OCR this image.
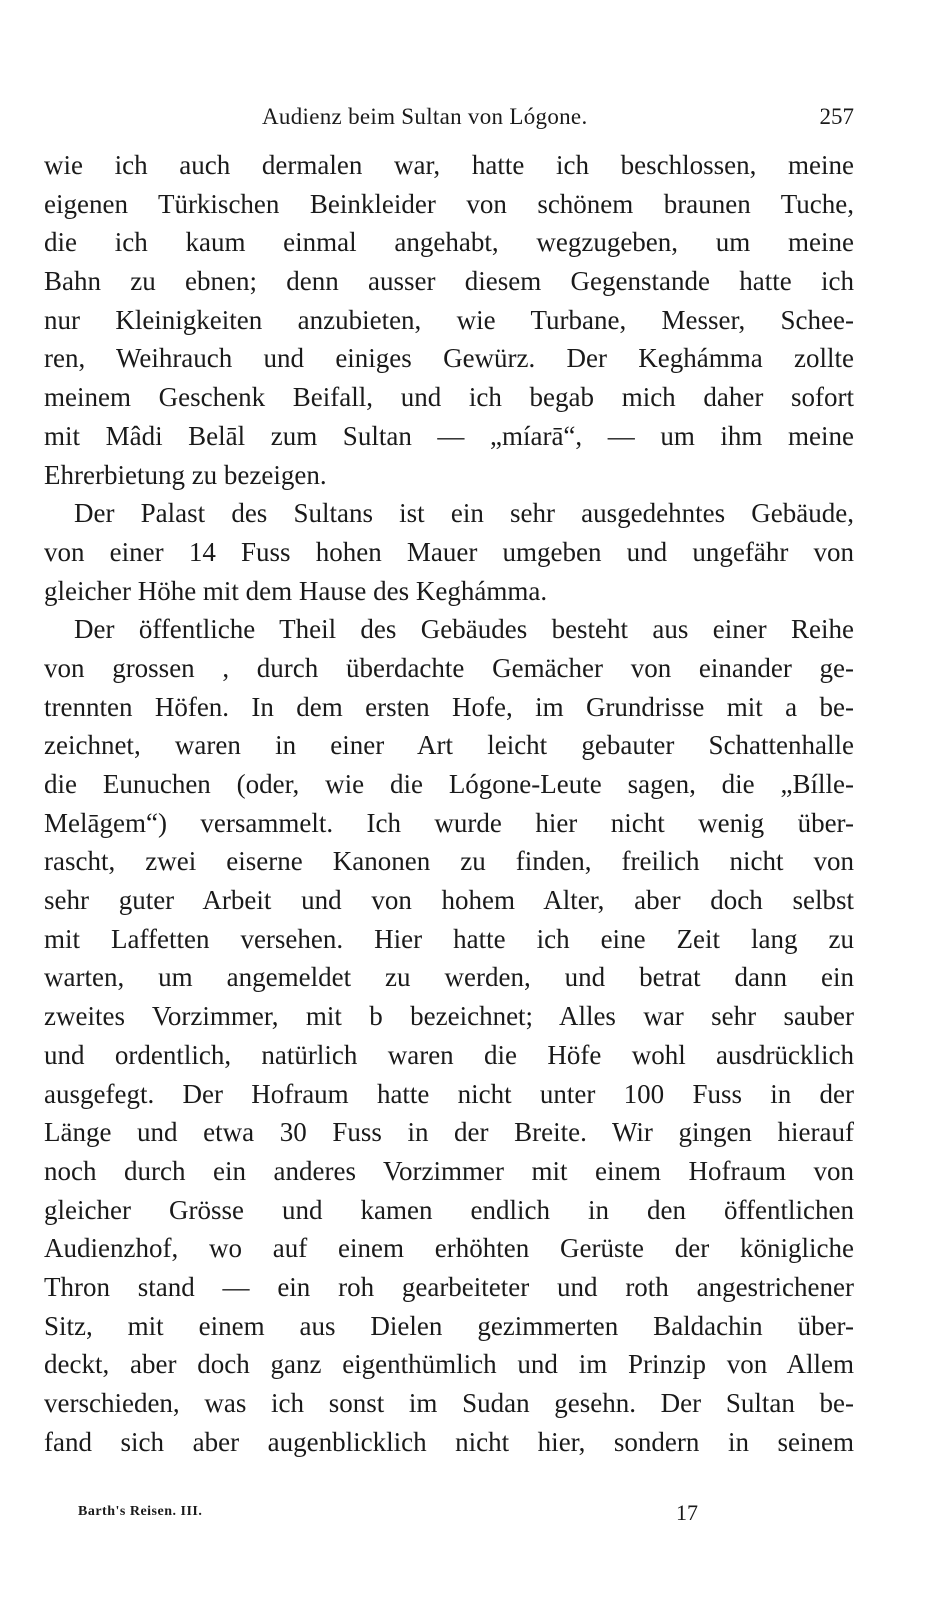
Audienz beim Sultan von Lógone.	257
wie ich auch dermalen war, hatte ich beschlossen, meine
eigenen Türkischen Beinkleider von schönem braunen Tuche,
die ich kaum einmal angehabt, wegzugeben, um meine
Bahn zu ebnen; denn ausser diesem Gegenstande hatte ich
nur Kleinigkeiten anzubieten, wie Turbane, Messer, Schee-
ren, Weihrauch und einiges Gewürz. Der Keghámma zollte
meinem Geschenk Beifall, und ich begab mich daher sofort
mit Mâdi Belāl zum Sultan — „míarā“, — um ihm meine
Ehrerbietung zu bezeigen.
Der Palast des Sultans ist ein sehr ausgedehntes Gebäude,
von einer 14 Fuss hohen Mauer umgeben und ungefähr von
gleicher Höhe mit dem Hause des Keghámma.
Der öffentliche Theil des Gebäudes besteht aus einer Reihe
von grossen , durch überdachte Gemächer von einander ge-
trennten Höfen. In dem ersten Hofe, im Grundrisse mit a be-
zeichnet, waren in einer Art leicht gebauter Schattenhalle
die Eunuchen (oder, wie die Lógone-Leute sagen, die „Bílle-
Melāgem“) versammelt. Ich wurde hier nicht wenig über-
rascht, zwei eiserne Kanonen zu finden, freilich nicht von
sehr guter Arbeit und von hohem Alter, aber doch selbst
mit Laffetten versehen. Hier hatte ich eine Zeit lang zu
warten, um angemeldet zu werden, und betrat dann ein
zweites Vorzimmer, mit b bezeichnet; Alles war sehr sauber
und ordentlich, natürlich waren die Höfe wohl ausdrücklich
ausgefegt. Der Hofraum hatte nicht unter 100 Fuss in der
Länge und etwa 30 Fuss in der Breite. Wir gingen hierauf
noch durch ein anderes Vorzimmer mit einem Hofraum von
gleicher Grösse und kamen endlich in den öffentlichen
Audienzhof, wo auf einem erhöhten Gerüste der königliche
Thron stand — ein roh gearbeiteter und roth angestrichener
Sitz, mit einem aus Dielen gezimmerten Baldachin über-
deckt, aber doch ganz eigenthümlich und im Prinzip von Allem
verschieden, was ich sonst im Sudan gesehn. Der Sultan be-
fand sich aber augenblicklich nicht hier, sondern in seinem
Barth's Reisen. III.	17
